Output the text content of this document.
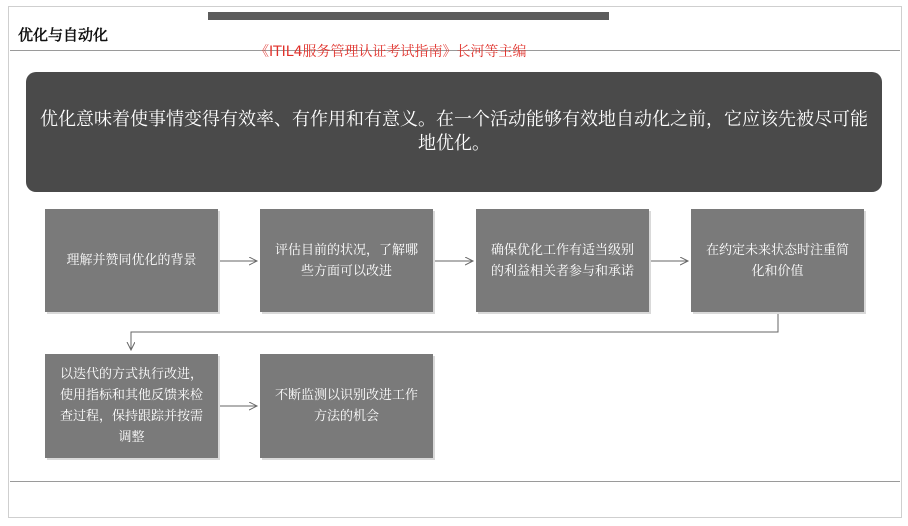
优化与自动化
《ITIL4服务管理认证考试指南》长河等主编
优化意味着使事情变得有效率、有作用和有意义。在一个活动能够有效地自动化之前，它应该先被尽可能地优化。
理解并赞同优化的背景
评估目前的状况，了解哪些方面可以改进
确保优化工作有适当级别的利益相关者参与和承诺
在约定未来状态时注重简化和价值
以迭代的方式执行改进，使用指标和其他反馈来检查过程，保持跟踪并按需调整
不断监测以识别改进工作方法的机会
